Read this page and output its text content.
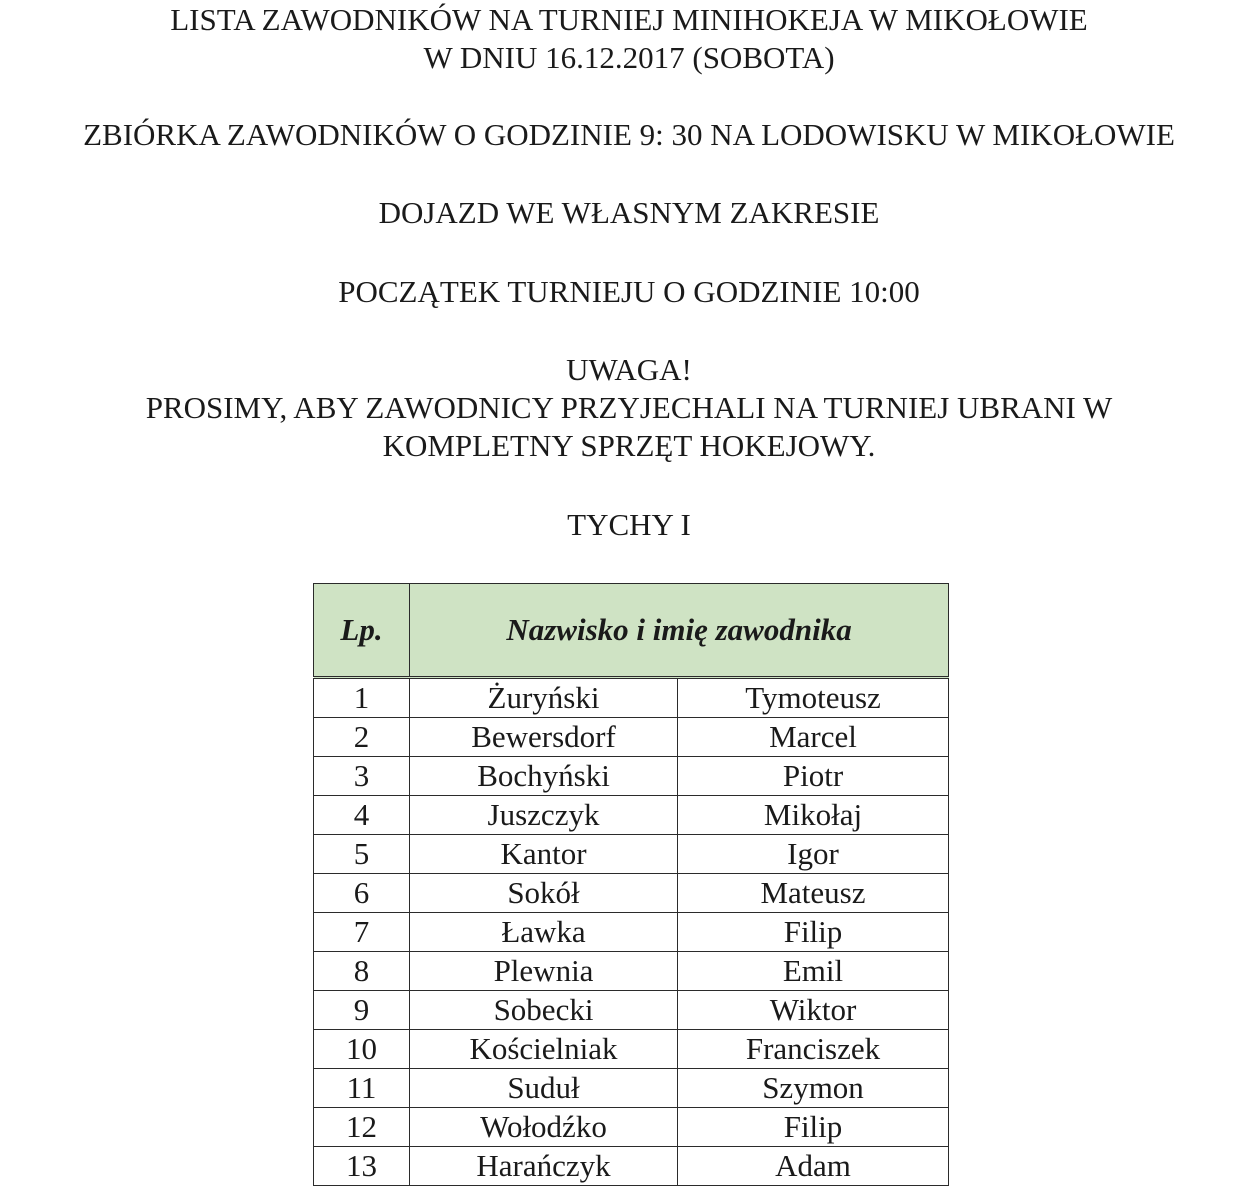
LISTA ZAWODNIKÓW NA TURNIEJ MINIHOKEJA W MIKOŁOWIE
W DNIU 16.12.2017 (SOBOTA)
ZBIÓRKA ZAWODNIKÓW O GODZINIE 9: 30 NA LODOWISKU W MIKOŁOWIE
DOJAZD WE WŁASNYM ZAKRESIE
POCZĄTEK TURNIEJU O GODZINIE 10:00
UWAGA!
PROSIMY, ABY ZAWODNICY PRZYJECHALI NA TURNIEJ UBRANI W
KOMPLETNY SPRZĘT HOKEJOWY.
TYCHY I
Lp.	Nazwisko i imię zawodnika	
1	Żuryński	Tymoteusz
2	Bewersdorf	Marcel
3	Bochyński	Piotr
4	Juszczyk	Mikołaj
5	Kantor	Igor
6	Sokół	Mateusz
7	Ławka	Filip
8	Plewnia	Emil
9	Sobecki	Wiktor
10	Kościelniak	Franciszek
11	Suduł	Szymon
12	Wołodźko	Filip
13	Harańczyk	Adam
